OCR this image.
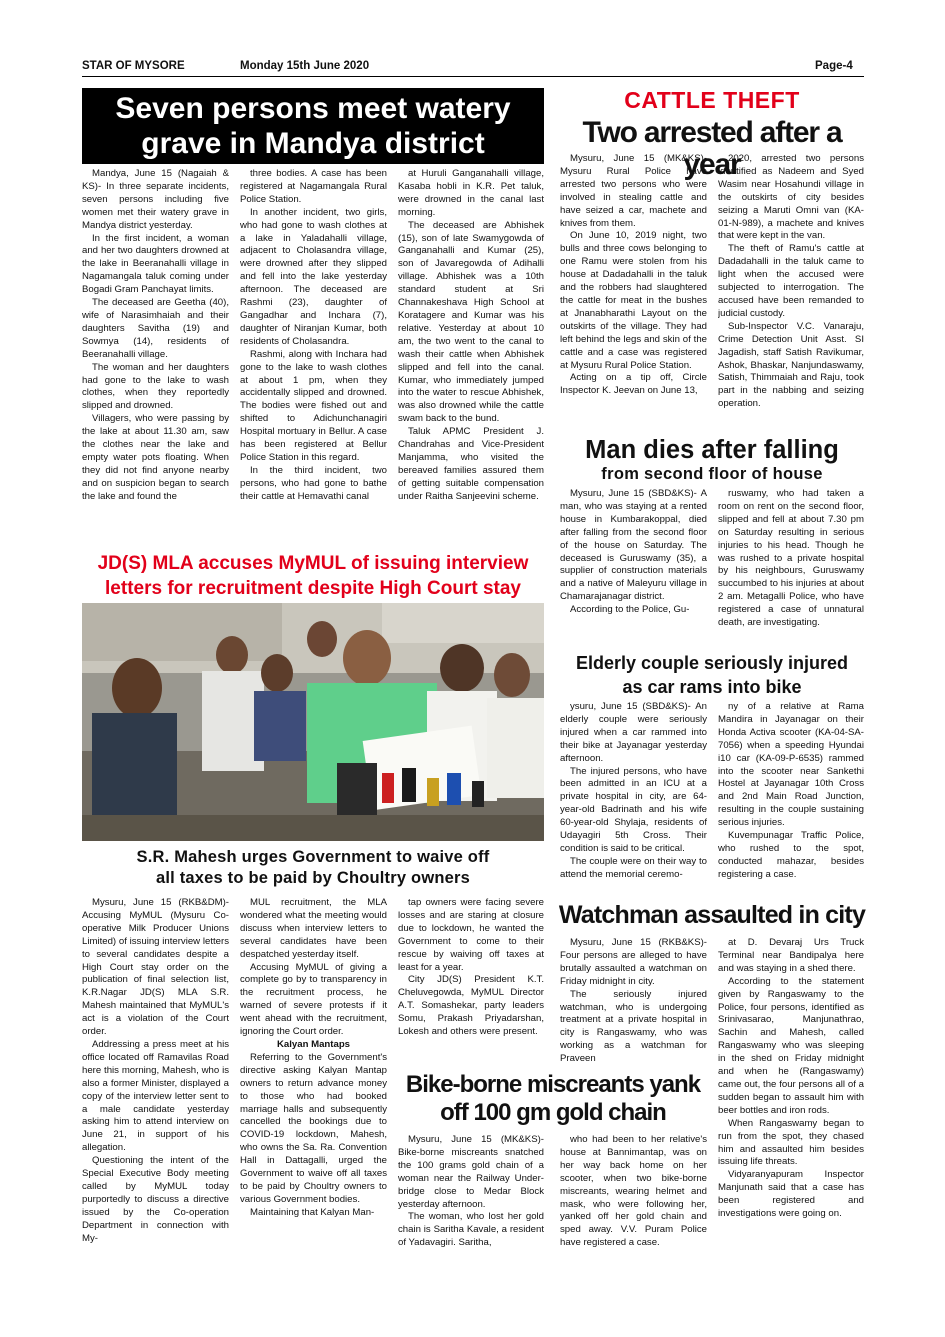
STAR OF MYSORE	Monday 15th June 2020	Page-4
Seven persons meet watery
grave in Mandya district

Mandya, June 15 (Nagaiah & KS)- In three separate incidents, seven persons including five women met their watery grave in Mandya district yesterday.

In the first incident, a woman and her two daughters drowned at the lake in Beeranahalli village in Nagamangala taluk coming under Bogadi Gram Panchayat limits.

The deceased are Geetha (40), wife of Narasimhaiah and their daughters Savitha (19) and Sowmya (14), residents of Beeranahalli village.

The woman and her daughters had gone to the lake to wash clothes, when they reportedly slipped and drowned.

Villagers, who were passing by the lake at about 11.30 am, saw the clothes near the lake and empty water pots floating. When they did not find anyone nearby and on suspicion began to search the lake and found the

three bodies. A case has been registered at Nagamangala Rural Police Station.

In another incident, two girls, who had gone to wash clothes at a lake in Yaladahalli village, adjacent to Cholasandra village, were drowned after they slipped and fell into the lake yesterday afternoon. The deceased are Rashmi (23), daughter of Gangadhar and Inchara (7), daughter of Niranjan Kumar, both residents of Cholasandra.

Rashmi, along with Inchara had gone to the lake to wash clothes at about 1 pm, when they accidentally slipped and drowned. The bodies were fished out and shifted to Adichunchanagiri Hospital mortuary in Bellur. A case has been registered at Bellur Police Station in this regard.

In the third incident, two persons, who had gone to bathe their cattle at Hemavathi canal

at Huruli Ganganahalli village, Kasaba hobli in K.R. Pet taluk, were drowned in the canal last morning.

The deceased are Abhishek (15), son of late Swamygowda of Ganganahalli and Kumar (25), son of Javaregowda of Adihalli village. Abhishek was a 10th standard student at Sri Channakeshava High School at Koratagere and Kumar was his relative. Yesterday at about 10 am, the two went to the canal to wash their cattle when Abhishek slipped and fell into the canal. Kumar, who immediately jumped into the water to rescue Abhishek, was also drowned while the cattle swam back to the bund.

Taluk APMC President J. Chandrahas and Vice-President Manjamma, who visited the bereaved families assured them of getting suitable compensation under Raitha Sanjeevini scheme.

CATTLE THEFT
Two arrested after a year

Mysuru, June 15 (MK&KS)- Mysuru Rural Police have arrested two persons who were involved in stealing cattle and have seized a car, machete and knives from them.

On June 10, 2019 night, two bulls and three cows belonging to one Ramu were stolen from his house at Dadadahalli in the taluk and the robbers had slaughtered the cattle for meat in the bushes at Jnanabharathi Layout on the outskirts of the village. They had left behind the legs and skin of the cattle and a case was registered at Mysuru Rural Police Station.

Acting on a tip off, Circle Inspector K. Jeevan on June 13,

2020, arrested two persons identified as Nadeem and Syed Wasim near Hosahundi village in the outskirts of city besides seizing a Maruti Omni van (KA-01-N-989), a machete and knives that were kept in the van.

The theft of Ramu's cattle at Dadadahalli in the taluk came to light when the accused were subjected to interrogation. The accused have been remanded to judicial custody.

Sub-Inspector V.C. Vanaraju, Crime Detection Unit Asst. SI Jagadish, staff Satish Ravikumar, Ashok, Bhaskar, Nanjundaswamy, Satish, Thimmaiah and Raju, took part in the nabbing and seizing operation.

Man dies after falling
from second floor of house

Mysuru, June 15 (SBD&KS)- A man, who was staying at a rented house in Kumbarakoppal, died after falling from the second floor of the house on Saturday. The deceased is Guruswamy (35), a supplier of construction materials and a native of Maleyuru village in Chamarajanagar district.

According to the Police, Gu-

ruswamy, who had taken a room on rent on the second floor, slipped and fell at about 7.30 pm on Saturday resulting in serious injuries to his head. Though he was rushed to a private hospital by his neighbours, Guruswamy succumbed to his injuries at about 2 am. Metagalli Police, who have registered a case of unnatural death, are investigating.

JD(S) MLA accuses MyMUL of issuing interview
letters for recruitment despite High Court stay
S.R. Mahesh urges Government to waive off
all taxes to be paid by Choultry owners

Mysuru, June 15 (RKB&DM)- Accusing MyMUL (Mysuru Co-operative Milk Producer Unions Limited) of issuing interview letters to several candidates despite a High Court stay order on the publication of final selection list, K.R.Nagar JD(S) MLA S.R. Mahesh maintained that MyMUL's act is a violation of the Court order.

Addressing a press meet at his office located off Ramavilas Road here this morning, Mahesh, who is also a former Minister, displayed a copy of the interview letter sent to a male candidate yesterday asking him to attend interview on June 21, in support of his allegation.

Questioning the intent of the Special Executive Body meeting called by MyMUL today purportedly to discuss a directive issued by the Co-operation Department in connection with My-

MUL recruitment, the MLA wondered what the meeting would discuss when interview letters to several candidates have been despatched yesterday itself.

Accusing MyMUL of giving a complete go by to transparency in the recruitment process, he warned of severe protests if it went ahead with the recruitment, ignoring the Court order.

Kalyan Mantaps

Referring to the Government's directive asking Kalyan Mantap owners to return advance money to those who had booked marriage halls and subsequently cancelled the bookings due to COVID-19 lockdown, Mahesh, who owns the Sa. Ra. Convention Hall in Dattagalli, urged the Government to waive off all taxes to be paid by Choultry owners to various Government bodies.

Maintaining that Kalyan Man-

tap owners were facing severe losses and are staring at closure due to lockdown, he wanted the Government to come to their rescue by waiving off taxes at least for a year.

City JD(S) President K.T. Cheluvegowda, MyMUL Director A.T. Somashekar, party leaders Somu, Prakash Priyadarshan, Lokesh and others were present.

Elderly couple seriously injured
as car rams into bike

ysuru, June 15 (SBD&KS)- An elderly couple were seriously injured when a car rammed into their bike at Jayanagar yesterday afternoon.

The injured persons, who have been admitted in an ICU at a private hospital in city, are 64-year-old Badrinath and his wife 60-year-old Shylaja, residents of Udayagiri 5th Cross. Their condition is said to be critical.

The couple were on their way to attend the memorial ceremo-

ny of a relative at Rama Mandira in Jayanagar on their Honda Activa scooter (KA-04-SA-7056) when a speeding Hyundai i10 car (KA-09-P-6535) rammed into the scooter near Sankethi Hostel at Jayanagar 10th Cross and 2nd Main Road Junction, resulting in the couple sustaining serious injuries.

Kuvempunagar Traffic Police, who rushed to the spot, conducted mahazar, besides registering a case.

Watchman assaulted in city

Mysuru, June 15 (RKB&KS)- Four persons are alleged to have brutally assaulted a watchman on Friday midnight in city.

The seriously injured watchman, who is undergoing treatment at a private hospital in city is Rangaswamy, who was working as a watchman for Praveen

at D. Devaraj Urs Truck Terminal near Bandipalya here and was staying in a shed there.

According to the statement given by Rangaswamy to the Police, four persons, identified as Srinivasarao, Manjunathrao, Sachin and Mahesh, called Rangaswamy who was sleeping in the shed on Friday midnight and when he (Rangaswamy) came out, the four persons all of a sudden began to assault him with beer bottles and iron rods.

When Rangaswamy began to run from the spot, they chased him and assaulted him besides issuing life threats.

Vidyaranyapuram Inspector Manjunath said that a case has been registered and investigations were going on.

Bike-borne miscreants yank
off 100 gm gold chain

Mysuru, June 15 (MK&KS)- Bike-borne miscreants snatched the 100 grams gold chain of a woman near the Railway Under-bridge close to Medar Block yesterday afternoon.

The woman, who lost her gold chain is Saritha Kavale, a resident of Yadavagiri. Saritha,

who had been to her relative's house at Bannimantap, was on her way back home on her scooter, when two bike-borne miscreants, wearing helmet and mask, who were following her, yanked off her gold chain and sped away. V.V. Puram Police have registered a case.
